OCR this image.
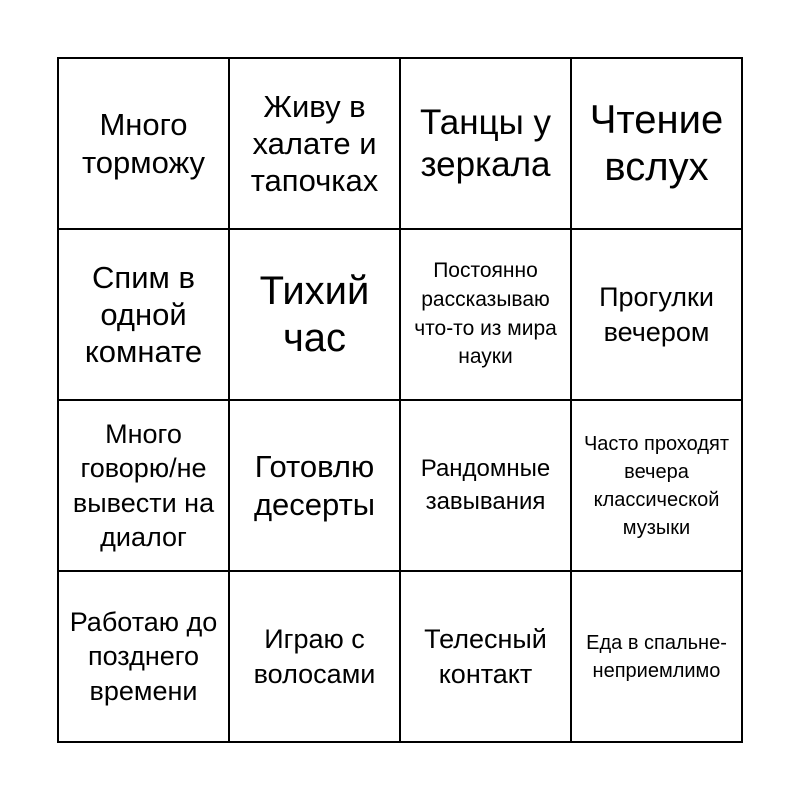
Много торможу
Живу в халате и тапочках
Танцы у зеркала
Чтение вслух
Спим в одной комнате
Тихий час
Постоянно рассказываю что-то из мира науки
Прогулки вечером
Много говорю/не вывести на диалог
Готовлю десерты
Рандомные завывания
Часто проходят вечера классической музыки
Работаю до позднего времени
Играю с волосами
Телесный контакт
Еда в спальне-неприемлимо
